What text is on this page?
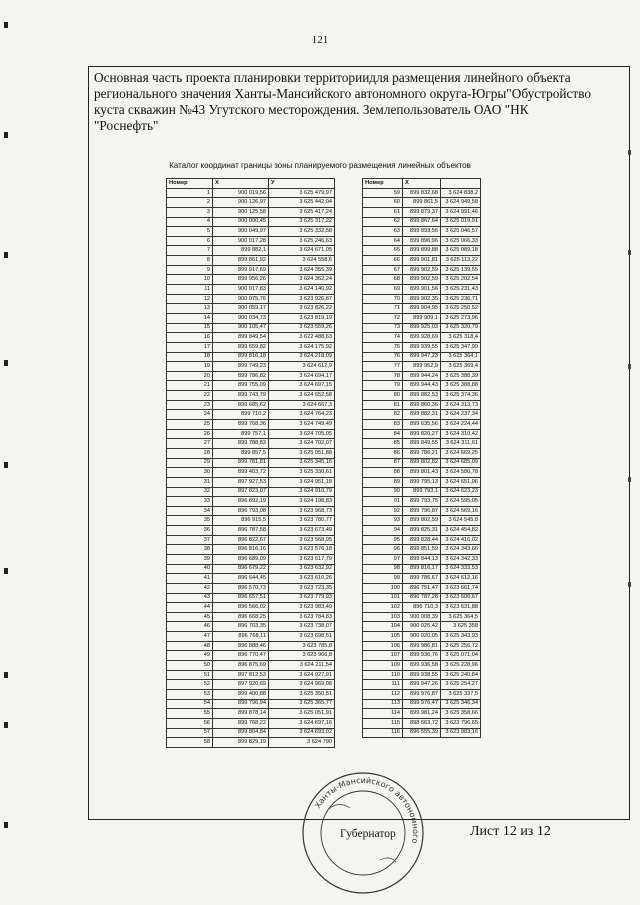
121
Основная часть проекта планировки территориидля размещения линейного объекта
регионального значения Ханты-Мансийского автономного округа-Югры"Обустройство
куста скважин №43 Угутского месторождения. Землепользователь ОАО "НК
"Роснефть"
Каталог координат границы зоны планируемого размещения линейных объектов
Номер	X	У
1	900 019,56	3 625 479,97
2	900 126,97	3 625 442,04
3	900 125,58	3 625 417,24
4	900 090,45	3 625 317,22
5	900 049,97	3 625 332,58
6	900 017,28	3 625 246,63
7	899 882,1	3 624 671,05
8	899 861,92	3 624 558,6
9	899 917,69	3 624 355,39
10	899 956,26	3 624 362,24
11	900 017,83	3 624 140,92
12	900 075,76	3 623 926,87
13	900 059,17	3 623 826,22
14	900 034,73	3 623 819,19
15	900 105,47	3 623 559,26
16	899 849,54	3 622 488,63
17	899 659,82	3 624 175,92
18	899 816,18	3 624 218,09
19	899 749,23	3 624 612,9
20	899 786,82	3 624 694,17
21	899 755,09	3 624 697,15
22	899 743,79	3 624 652,58
23	899 685,62	3 624 667,3
24	899 710,2	3 624 764,23
25	899 768,36	3 624 749,49
26	899 757,1	3 624 705,05
27	899 788,83	3 624 702,07
28	899 857,5	3 625 051,88
29	899 781,81	3 625 345,16
30	899 403,72	3 625 330,61
31	897 927,53	3 624 951,18
32	897 823,07	3 624 910,79
33	896 892,19	3 624 198,83
34	896 793,08	3 623 968,73
35	896 915,5	3 623 780,77
36	896 787,58	3 623 673,49
37	896 822,67	3 623 568,95
38	896 816,16	3 623 576,18
39	896 689,09	3 623 617,79
40	896 679,22	3 623 632,92
41	896 644,45	3 623 610,26
42	896 570,73	3 623 723,35
43	896 657,51	3 623 779,93
44	896 566,02	3 623 983,49
45	896 668,25	3 623 784,83
46	896 703,35	3 623 738,07
47	896 768,11	3 623 698,51
48	896 888,46	3 623 785,8
49	896 770,47	3 623 966,8
50	896 875,69	3 624 211,54
51	897 812,53	3 624 927,91
52	897 920,69	3 624 969,08
53	899 400,88	3 625 350,51
54	899 796,94	3 625 365,77
55	899 878,14	3 625 051,91
56	899 768,22	3 624 697,16
57	899 804,84	3 624 693,02
58	899 829,19	3 624 790
Номер	X	
59	899 832,68	3 624 838,2
60	899 861,5	3 624 949,58
61	899 879,37	3 624 991,46
62	899 867,64	3 625 019,91
63	899 893,56	3 625 046,57
64	899 896,96	3 625 066,33
65	899 899,88	3 625 089,18
66	899 901,81	3 625 113,22
67	899 902,59	3 625 139,55
68	899 902,59	3 625 202,54
69	899 901,56	3 625 231,43
70	899 902,35	3 625 236,71
71	899 904,95	3 625 250,52
72	899 909,1	3 625 273,96
73	899 925,03	3 625 320,79
74	899 928,69	3 625 318,4
75	899 939,55	3 625 347,99
76	899 947,23	3 625 364,1
77	899 952,9	3 625 369,4
78	899 944,24	3 625 388,39
79	899 944,43	3 625 388,88
80	899 882,53	3 625 374,36
81	899 860,36	3 624 313,73
82	899 882,31	3 624 237,34
83	899 635,56	3 624 224,44
84	899 820,27	3 624 310,42
85	899 849,55	3 624 311,61
86	899 786,21	3 624 669,25
87	899 802,82	3 624 685,09
88	899 801,43	3 624 580,78
89	899 795,13	3 624 651,96
90	899 793,1	3 624 623,23
91	899 793,75	3 624 595,05
92	899 796,87	3 624 569,16
93	899 802,59	3 624 545,8
94	899 825,31	3 624 454,82
95	899 828,44	3 624 416,02
96	899 851,59	3 624 343,66
97	899 844,13	3 624 342,33
98	899 816,17	3 624 333,53
99	899 786,67	3 624 612,16
100	896 751,47	3 623 661,74
101	896 787,28	3 623 606,67
102	896 710,3	3 623 631,88
103	900 008,39	3 625 364,5
104	900 025,42	3 625 358
105	900 020,05	3 625 343,93
106	899 986,81	3 625 256,72
107	899 936,76	3 625 071,04
109	899 936,58	3 625 228,96
110	899 938,55	3 625 240,84
111	899 947,26	3 625 254,27
112	899 976,87	3 625 337,5
113	899 976,47	3 625 346,34
114	899 981,24	3 625 358,66
115	898 663,72	3 623 796,65
116	896 555,39	3 623 983,16
Ханты-Мансийского автономного
Губернатор	Лист 12 из 12
